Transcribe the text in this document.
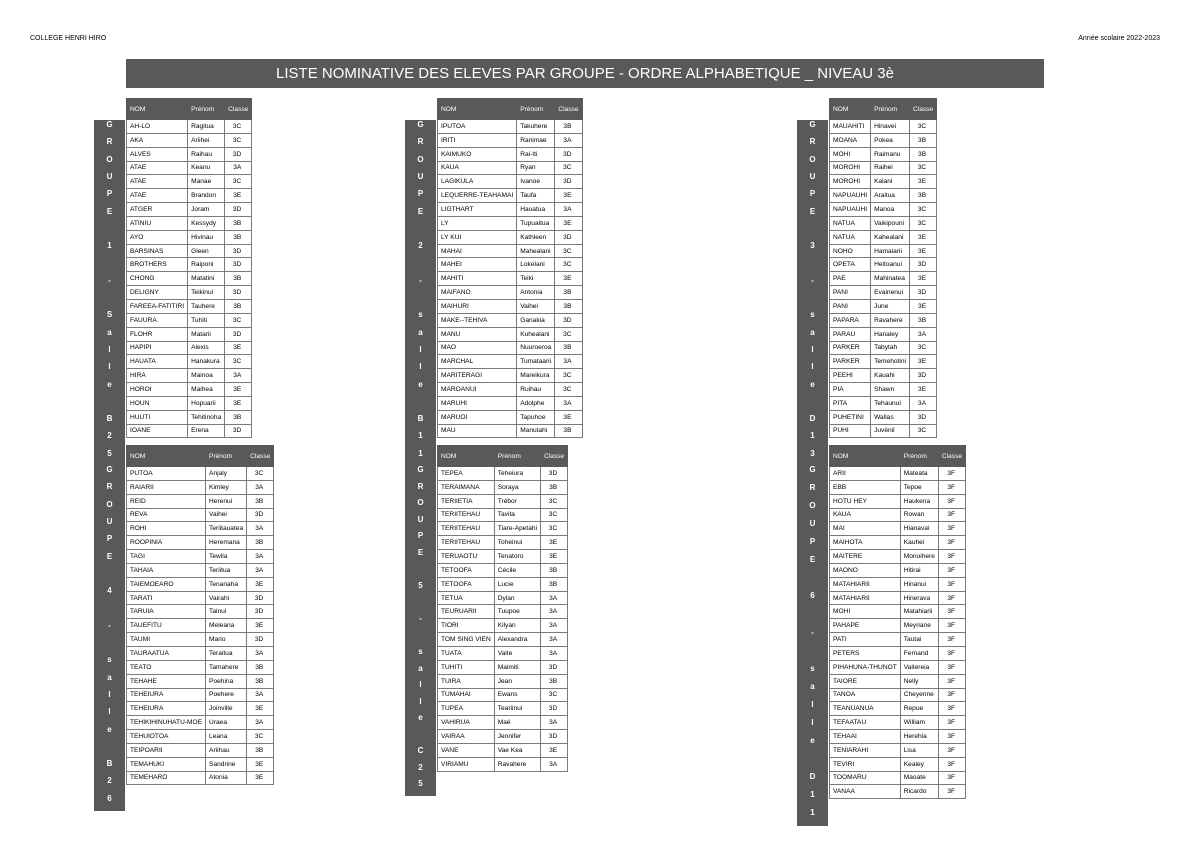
COLLEGE HENRI HIRO	Année scolaire 2022-2023
LISTE NOMINATIVE DES ELEVES PAR GROUPE - ORDRE ALPHABETIQUE _ NIVEAU 3è
G
R
O
U
P
E
1
-
S
a
l
l
e
B
2
5
NOM	Prénom	Classe
AH-LO	Ragitua	3C
AKA	Ariihei	3C
ALVES	Raihau	3D
ATAE	Keanu	3A
ATAE	Manae	3C
ATAE	Brandon	3E
ATGER	Joram	3D
ATINIU	Kessydy	3B
AYO	Hivinau	3B
BARSINAS	Gleen	3D
BROTHERS	Raiponi	3D
CHONG	Matatini	3B
DELIGNY	Teikinui	3D
FAREEA-FATITIRI	Tauhere	3B
FAUURA	Tuhiti	3C
FLOHR	Matarii	3D
HAPIPI	Alexis	3E
HAUATA	Hanakura	3C
HIRA	Mainoa	3A
HOROI	Maihea	3E
HOUN	Hopuarii	3E
HUUTI	Tehitinoha	3B
IOANE	Erena	3D
G
R
O
U
P
E
2
-
s
a
l
l
e
B
1
1
NOM	Prénom	Classe
IPUTOA	Takuhere	3B
IRITI	Ranimae	3A
KAIMUKO	Rai-Iti	3D
KAUA	Ryan	3C
LAGIKULA	Ivanoe	3D
LEQUERRE-TEAHAMAI	Taufa	3E
LIGTHART	Hauatua	3A
LY	Tupuaitua	3E
LY KUI	Kathleen	3D
MAHAI	Mahealani	3C
MAHEI	Lokelani	3C
MAHITI	Teiki	3E
MAIFANO	Antonia	3B
MAIHURI	Vaihei	3B
MAKE--TEHIVA	Ganakia	3D
MANU	Kuhealani	3C
MAO	Nuuroeroa	3B
MARCHAL	Tumataarii	3A
MARITERAGI	Mareikura	3C
MAROANUI	Ruihau	3C
MARUHI	Adolphe	3A
MARUOI	Tapuhoe	3E
MAU	Manutahi	3B
G
R
O
U
P
E
3
-
s
a
l
l
e
D
1
3
NOM	Prénom	Classe
MAUAHITI	Hinavei	3C
MOANA	Pokea	3B
MOHI	Raimanu	3B
MOROHI	Raihei	3C
MOROHI	Kalani	3E
NAPUAUHI	Araitua	3B
NAPUAUHI	Manoa	3C
NATUA	Vaikipouni	3C
NATUA	Kahealani	3E
NOHO	Hamaiarii	3E
OPETA	Heitoanui	3D
PAE	Mahinatea	3E
PANI	Evainenui	3D
PANI	June	3E
PAPARA	Ravahere	3B
PARAU	Hanaley	3A
PARKER	Tabytah	3C
PARKER	Temehotini	3E
PEEHI	Kauahi	3D
PIA	Shawn	3E
PITA	Tehaunui	3A
PUHETINI	Wallas	3D
PUHI	Juvénil	3C
G
R
O
U
P
E
4
-
s
a
l
l
e
B
2
6
NOM	Prénom	Classe
PUTOA	Anjaly	3C
RAIARII	Kimley	3A
REID	Herenui	3B
REVA	Vaihei	3D
ROHI	Teriitauatea	3A
ROOPINIA	Heremana	3B
TAGI	Tewila	3A
TAHAIA	Teriitua	3A
TAIEMOEARO	Tenanaha	3E
TARATI	Vairahi	3D
TARUIA	Tainui	3D
TAUEFITU	Meleana	3E
TAUMI	Mario	3D
TAURAATUA	Teraitua	3A
TEATO	Tamahere	3B
TEHAHE	Poehina	3B
TEHEIURA	Poehere	3A
TEHEIURA	Joinville	3E
TEHIKIHINUHATU-MOE	Uraea	3A
TEHUIOTOA	Leana	3C
TEIPOARII	Ariihau	3B
TEMAHUKI	Sandrine	3E
TEMEHARO	Atonia	3E
G
R
O
U
P
E
5
-
s
a
l
l
e
C
2
5
NOM	Prénom	Classe
TEPEA	Teheiura	3D
TERAIMANA	Soraya	3B
TERIIETIA	Trébor	3C
TERIITEHAU	Tavita	3C
TERIITEHAU	Tiare-Apetahi	3C
TERIITEHAU	Toheinui	3E
TERUAOTU	Tenatoro	3E
TETOOFA	Cécile	3B
TETOOFA	Lucie	3B
TETUA	Dylan	3A
TEURUARII	Tuupoe	3A
TIORI	Kilyan	3A
TOM SING VIEN	Alexandra	3A
TUATA	Vaite	3A
TUHITI	Maimiti	3D
TUIRA	Jean	3B
TUMAHAI	Ewans	3C
TUPEA	Teariinui	3D
VAHIRUA	Maé	3A
VAIRAA	Jennifer	3D
VANE	Vae Kea	3E
VIRIAMU	Ravahere	3A
G
R
O
U
P
E
6
-
s
a
l
l
e
D
1
1
NOM	Prénom	Classe
ARII	Mateata	3F
EBB	Tepoe	3F
HOTU HEY	Haukena	3F
KAUA	Rowan	3F
MAI	Hianavai	3F
MAIHOTA	Kauhei	3F
MAITERE	Monoihere	3F
MAONO	Hitirai	3F
MATAHIARII	Hinanui	3F
MATAHIARII	Hinerava	3F
MOHI	Matahiarii	3F
PAHAPE	Meyriane	3F
PATI	Tautai	3F
PETERS	Fernand	3F
PIHAHUNA-THUNOT	Vaitereia	3F
TAIORE	Nelly	3F
TANOA	Cheyenne	3F
TEANUANUA	Repue	3F
TEFAATAU	William	3F
TEHAAI	Herehia	3F
TENIARAHI	Lisa	3F
TEVIRI	Kealey	3F
TOOMARU	Maoate	3F
VANAA	Ricardo	3F
